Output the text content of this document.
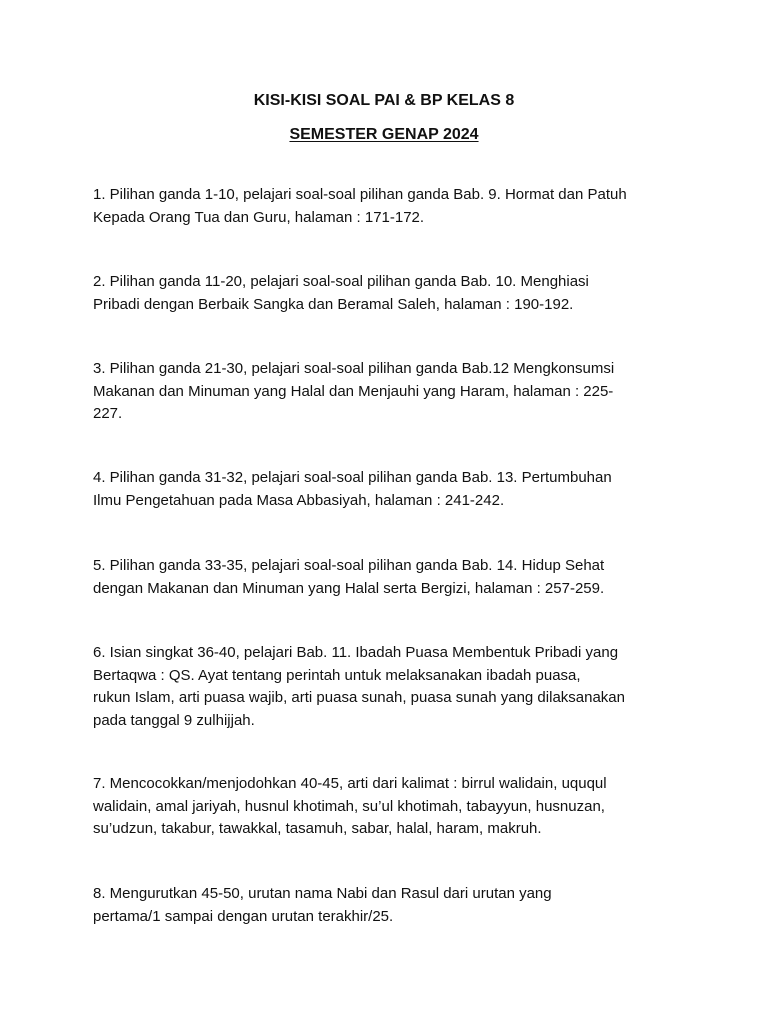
KISI-KISI SOAL PAI & BP KELAS 8
SEMESTER GENAP 2024

1. Pilihan ganda 1-10, pelajari soal-soal pilihan ganda Bab. 9. Hormat dan Patuh
Kepada Orang Tua dan Guru, halaman : 171-172.

2. Pilihan ganda 11-20, pelajari soal-soal pilihan ganda Bab. 10. Menghiasi
Pribadi dengan Berbaik Sangka dan Beramal Saleh, halaman : 190-192.

3. Pilihan ganda 21-30, pelajari soal-soal pilihan ganda Bab.12 Mengkonsumsi
Makanan dan Minuman yang Halal dan Menjauhi yang Haram, halaman : 225-
227.

4. Pilihan ganda 31-32, pelajari soal-soal pilihan ganda Bab. 13. Pertumbuhan
Ilmu Pengetahuan pada Masa Abbasiyah, halaman : 241-242.

5. Pilihan ganda 33-35, pelajari soal-soal pilihan ganda Bab. 14. Hidup Sehat
dengan Makanan dan Minuman yang Halal serta Bergizi, halaman : 257-259.

6. Isian singkat 36-40, pelajari Bab. 11. Ibadah Puasa Membentuk Pribadi yang
Bertaqwa : QS. Ayat tentang perintah untuk melaksanakan ibadah puasa,
rukun Islam, arti puasa wajib, arti puasa sunah, puasa sunah yang dilaksanakan
pada tanggal 9 zulhijjah.

7. Mencocokkan/menjodohkan 40-45, arti dari kalimat : birrul walidain, uququl
walidain, amal jariyah, husnul khotimah, su’ul khotimah, tabayyun, husnuzan,
su’udzun, takabur, tawakkal, tasamuh, sabar, halal, haram, makruh.

8. Mengurutkan 45-50, urutan nama Nabi dan Rasul dari urutan yang
pertama/1 sampai dengan urutan terakhir/25.
